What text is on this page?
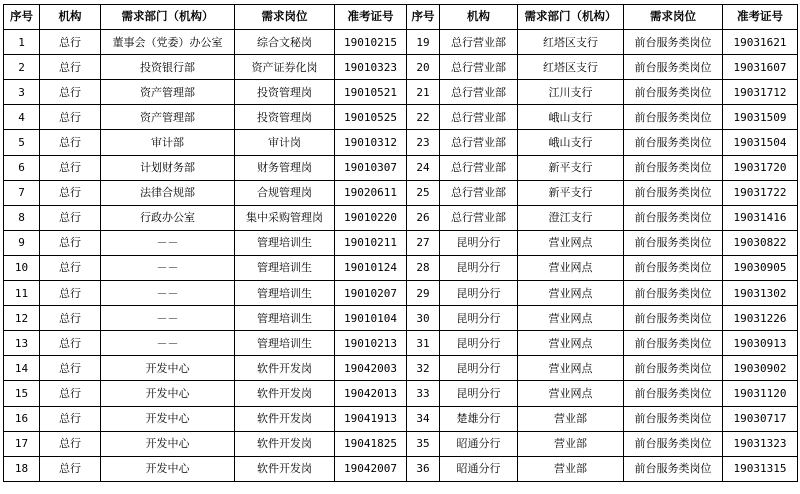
序号	机构	需求部门（机构）	需求岗位	准考证号	序号	机构	需求部门（机构）	需求岗位	准考证号
1	总行	董事会（党委）办公室	综合文秘岗	19010215	19	总行营业部	红塔区支行	前台服务类岗位	19031621
2	总行	投资银行部	资产证券化岗	19010323	20	总行营业部	红塔区支行	前台服务类岗位	19031607
3	总行	资产管理部	投资管理岗	19010521	21	总行营业部	江川支行	前台服务类岗位	19031712
4	总行	资产管理部	投资管理岗	19010525	22	总行营业部	峨山支行	前台服务类岗位	19031509
5	总行	审计部	审计岗	19010312	23	总行营业部	峨山支行	前台服务类岗位	19031504
6	总行	计划财务部	财务管理岗	19010307	24	总行营业部	新平支行	前台服务类岗位	19031720
7	总行	法律合规部	合规管理岗	19020611	25	总行营业部	新平支行	前台服务类岗位	19031722
8	总行	行政办公室	集中采购管理岗	19010220	26	总行营业部	澄江支行	前台服务类岗位	19031416
9	总行	－－	管理培训生	19010211	27	昆明分行	营业网点	前台服务类岗位	19030822
10	总行	－－	管理培训生	19010124	28	昆明分行	营业网点	前台服务类岗位	19030905
11	总行	－－	管理培训生	19010207	29	昆明分行	营业网点	前台服务类岗位	19031302
12	总行	－－	管理培训生	19010104	30	昆明分行	营业网点	前台服务类岗位	19031226
13	总行	－－	管理培训生	19010213	31	昆明分行	营业网点	前台服务类岗位	19030913
14	总行	开发中心	软件开发岗	19042003	32	昆明分行	营业网点	前台服务类岗位	19030902
15	总行	开发中心	软件开发岗	19042013	33	昆明分行	营业网点	前台服务类岗位	19031120
16	总行	开发中心	软件开发岗	19041913	34	楚雄分行	营业部	前台服务类岗位	19030717
17	总行	开发中心	软件开发岗	19041825	35	昭通分行	营业部	前台服务类岗位	19031323
18	总行	开发中心	软件开发岗	19042007	36	昭通分行	营业部	前台服务类岗位	19031315
